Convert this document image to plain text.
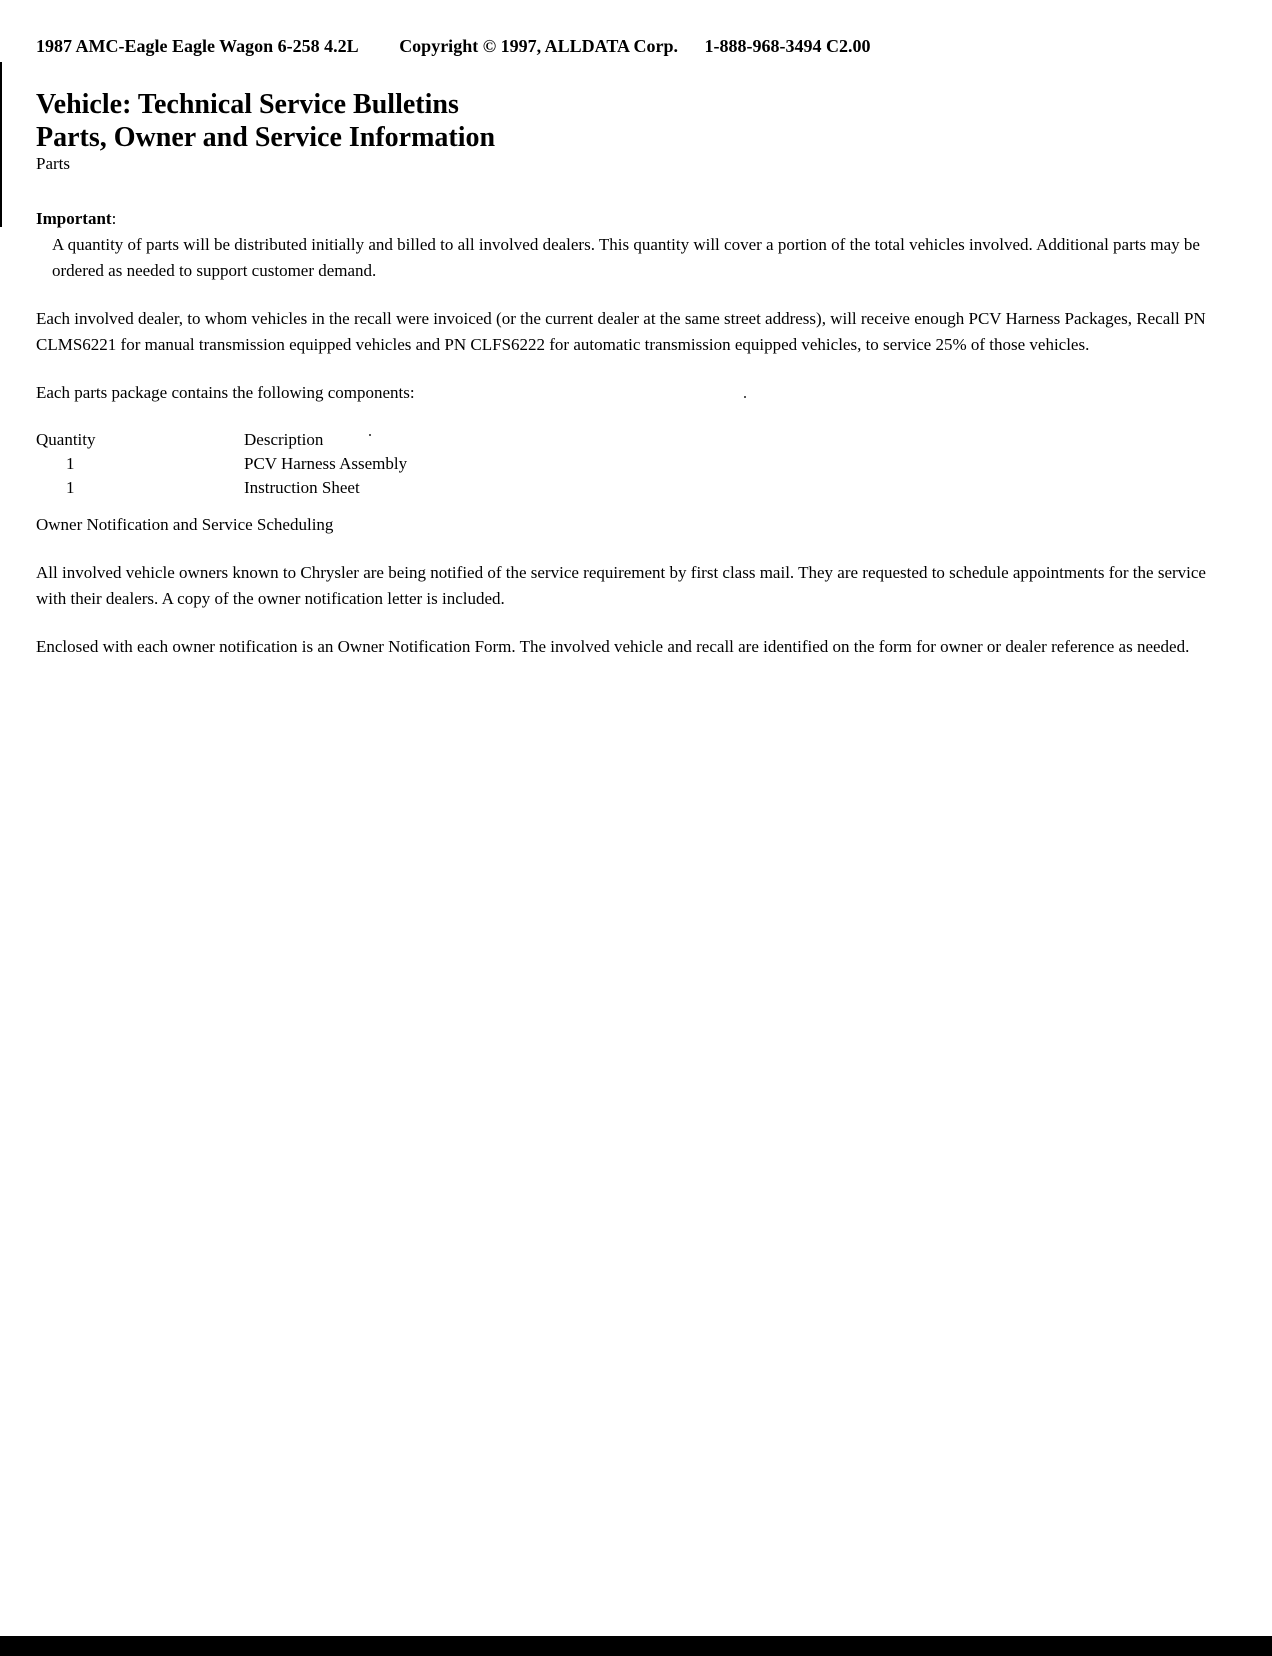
1987 AMC-Eagle Eagle Wagon 6-258 4.2L Copyright © 1997, ALLDATA Corp. 1-888-968-3494 C2.00
Vehicle: Technical Service Bulletins
Parts, Owner and Service Information
Parts
Important:

A quantity of parts will be distributed initially and billed to all involved dealers. This quantity will cover a portion of the total vehicles involved. Additional parts may be ordered as needed to support customer demand.

Each involved dealer, to whom vehicles in the recall were invoiced (or the current dealer at the same street address), will receive enough PCV Harness Packages, Recall PN CLMS6221 for manual transmission equipped vehicles and PN CLFS6222 for automatic transmission equipped vehicles, to service 25% of those vehicles.

Each parts package contains the following components:

Quantity	Description
1	PCV Harness Assembly
1	Instruction Sheet

Owner Notification and Service Scheduling

All involved vehicle owners known to Chrysler are being notified of the service requirement by first class mail. They are requested to schedule appointments for the service with their dealers. A copy of the owner notification letter is included.

Enclosed with each owner notification is an Owner Notification Form. The involved vehicle and recall are identified on the form for owner or dealer reference as needed.
